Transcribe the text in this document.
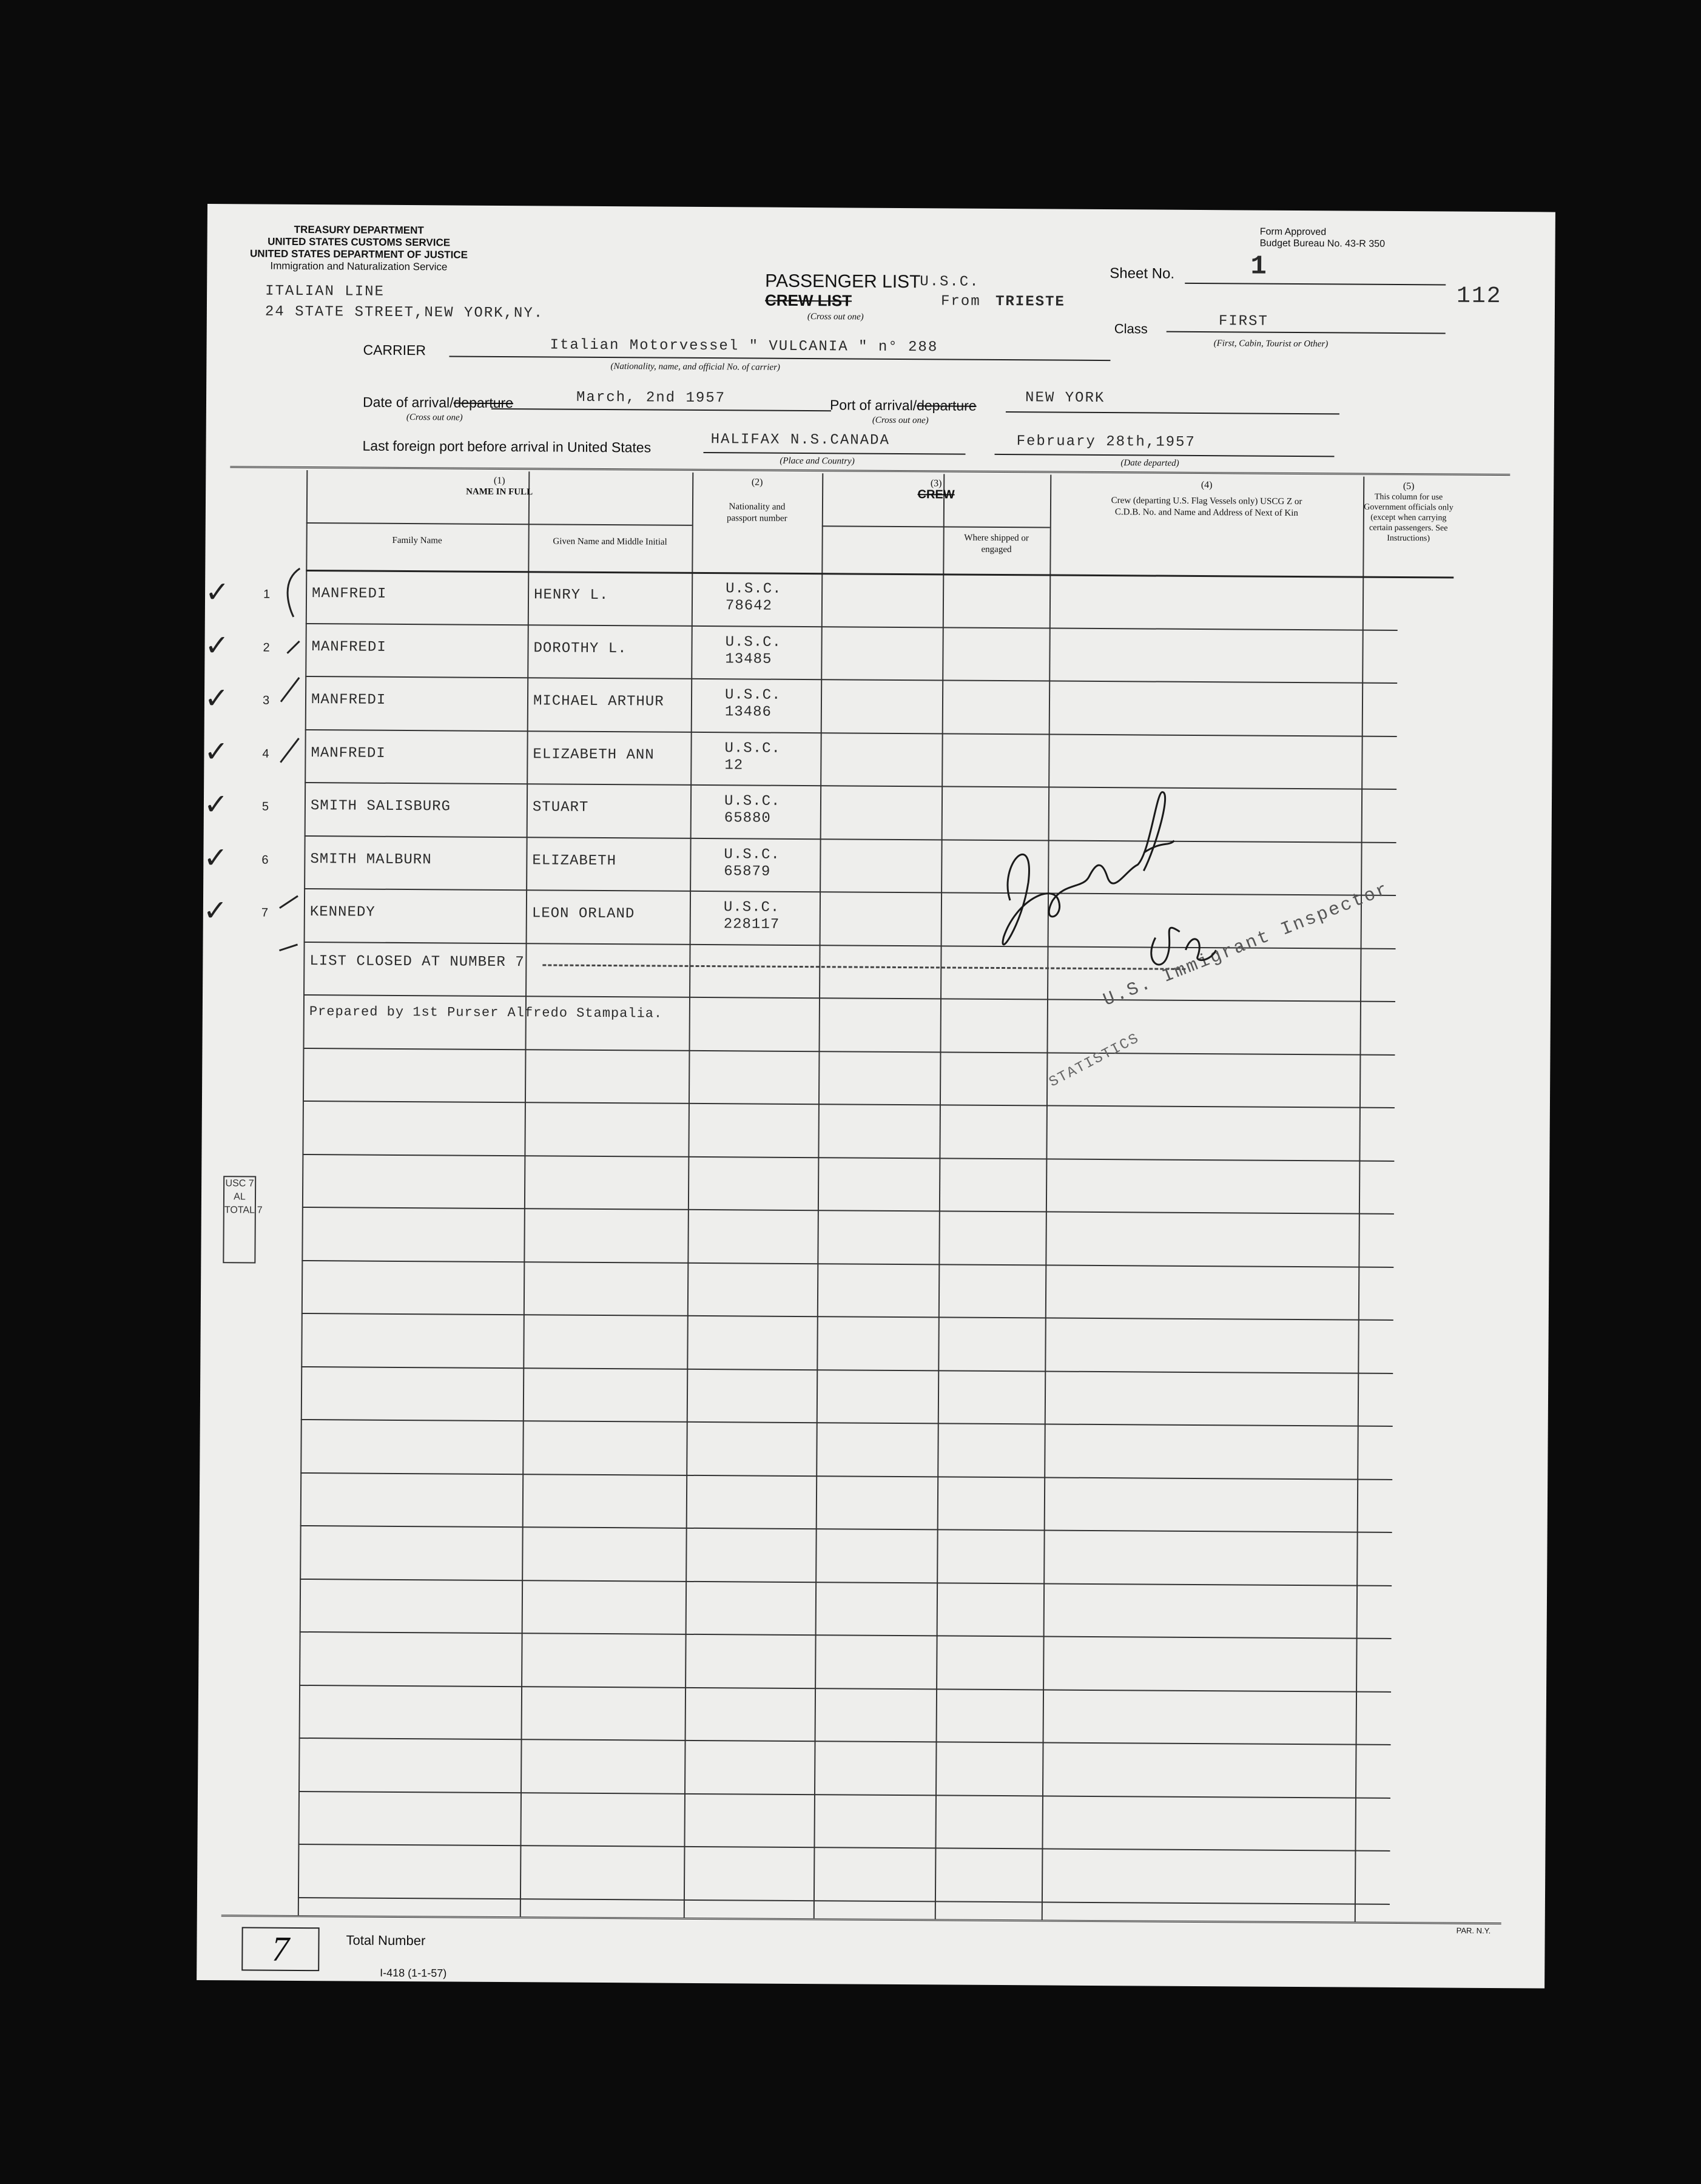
TREASURY DEPARTMENT
UNITED STATES CUSTOMS SERVICE
UNITED STATES DEPARTMENT OF JUSTICE
Immigration and Naturalization Service
ITALIAN LINE
24 STATE STREET,NEW YORK,NY.
PASSENGER LIST
CREW LIST
(Cross out one)
U.S.C.
From TRIESTE
Form Approved
Budget Bureau No. 43-R 350
Sheet No.	1
112
Class	FIRST
(First, Cabin, Tourist or Other)
CARRIER	Italian Motorvessel " VULCANIA " n° 288
(Nationality, name, and official No. of carrier)
Date of arrival/departure	March, 2nd 1957
(Cross out one)
Port of arrival/departure	NEW YORK
(Cross out one)
Last foreign port before arrival in United States	HALIFAX N.S.CANADA
(Place and Country)
February 28th,1957
(Date departed)
(1)
NAME IN FULL
Family Name	Given Name and Middle Initial
(2)
Nationality and passport number
(3)
CREW
Where shipped or engaged
(4)
Crew (departing U.S. Flag Vessels only) USCG Z or C.D.B. No. and Name and Address of Next of Kin
(5)
This column for use Government officials only (except when carrying certain passengers. See Instructions)
1	MANFREDI	HENRY L.	U.S.C.
78642
✓
2	MANFREDI	DOROTHY L.	U.S.C.
13485
✓
3	MANFREDI	MICHAEL ARTHUR	U.S.C.
13486
✓
4	MANFREDI	ELIZABETH ANN	U.S.C.
12
✓
5	SMITH SALISBURG	STUART	U.S.C.
65880
✓
6	SMITH MALBURN	ELIZABETH	U.S.C.
65879
✓
7	KENNEDY	LEON ORLAND	U.S.C.
228117
✓
LIST CLOSED AT NUMBER 7
Prepared by 1st Purser Alfredo Stampalia.
U.S. Immigrant Inspector
STATISTICS
USC 7
AL
TOTAL 7
7	Total Number
I-418 (1-1-57)
PAR. N.Y.
